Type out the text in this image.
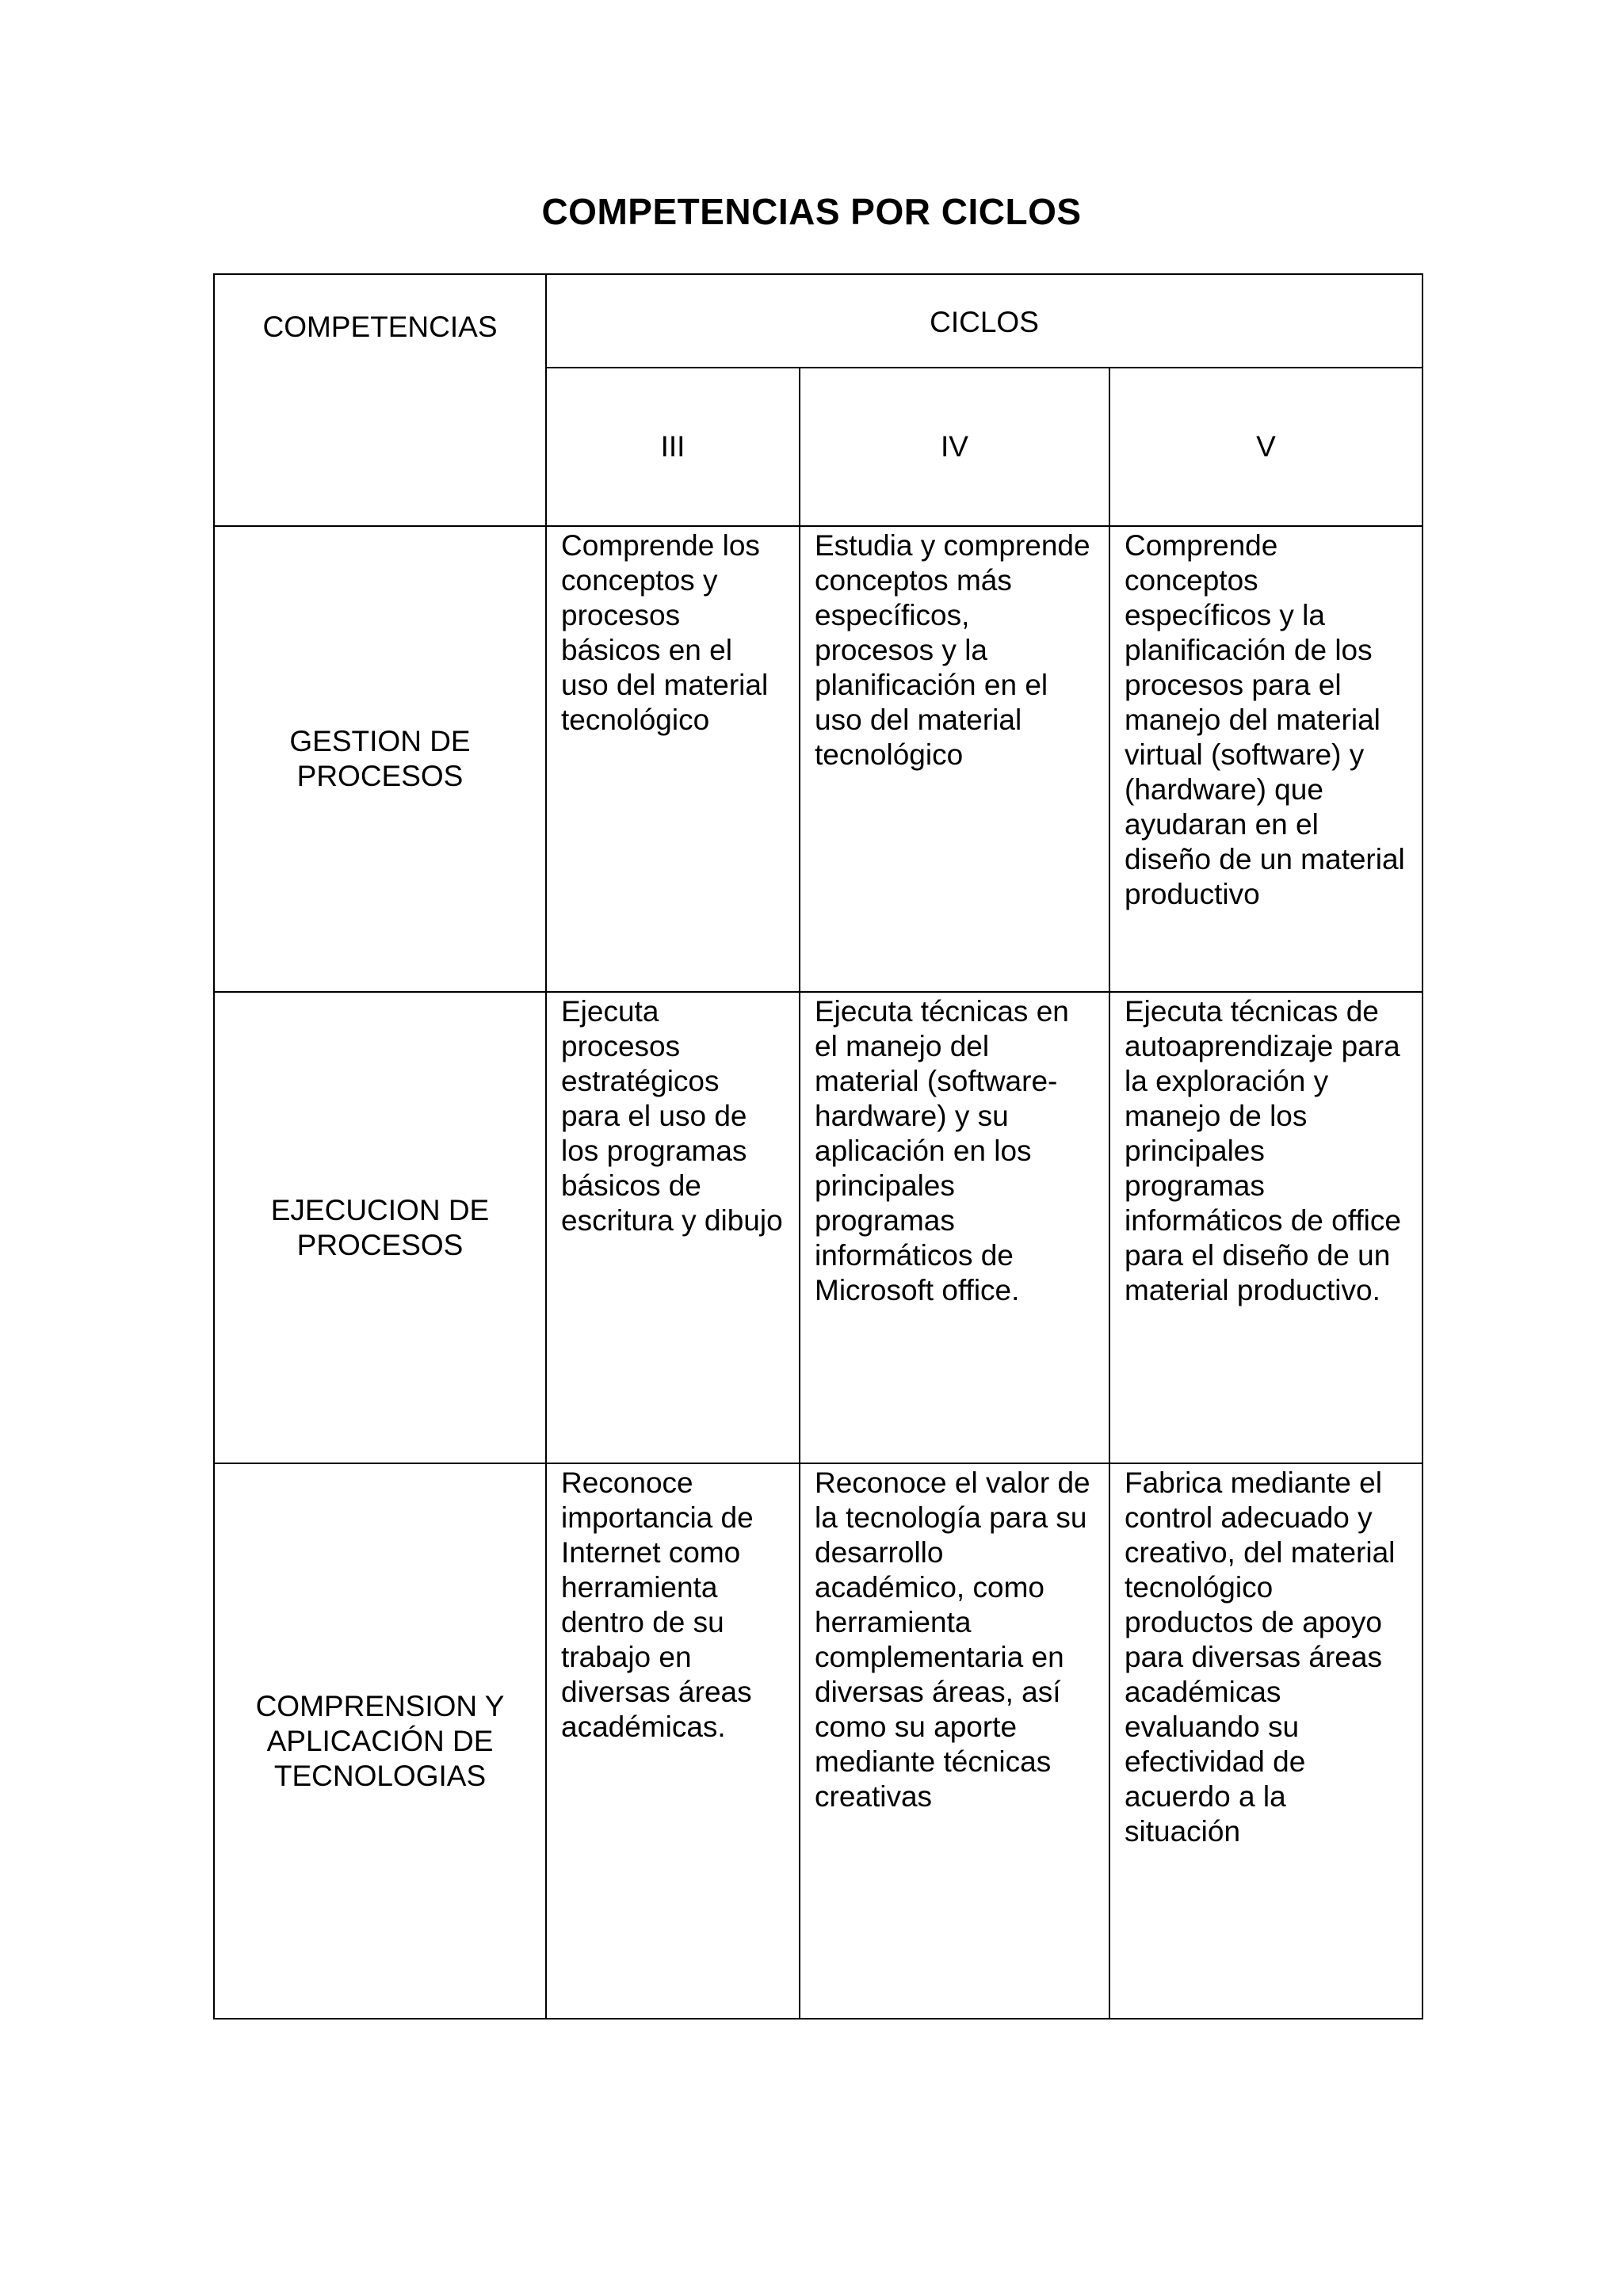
COMPETENCIAS POR CICLOS
COMPETENCIAS	CICLOS		

	III	IV	V
GESTION DE PROCESOS	Comprende los conceptos y procesos básicos en el uso del material tecnológico	Estudia y comprende conceptos más específicos, procesos y la planificación en el uso del material tecnológico	Comprende conceptos específicos y la planificación de los procesos para el manejo del material virtual (software) y (hardware) que ayudaran en el diseño de un material productivo
EJECUCION DE PROCESOS	Ejecuta procesos estratégicos para el uso de los programas básicos de escritura y dibujo	Ejecuta técnicas en el manejo del material (software-hardware) y su aplicación en los principales programas informáticos de Microsoft office.	Ejecuta técnicas de autoaprendizaje para la exploración y manejo de los principales programas informáticos de office para el diseño de un material productivo.
COMPRENSION Y APLICACIÓN DE TECNOLOGIAS	Reconoce importancia de Internet como herramienta dentro de su trabajo en diversas áreas académicas.	Reconoce el valor de la tecnología para su desarrollo académico, como herramienta complementaria en diversas áreas, así como su aporte mediante técnicas creativas	Fabrica mediante el control adecuado y creativo, del material tecnológico productos de apoyo para diversas áreas académicas evaluando su efectividad de acuerdo a la situación
